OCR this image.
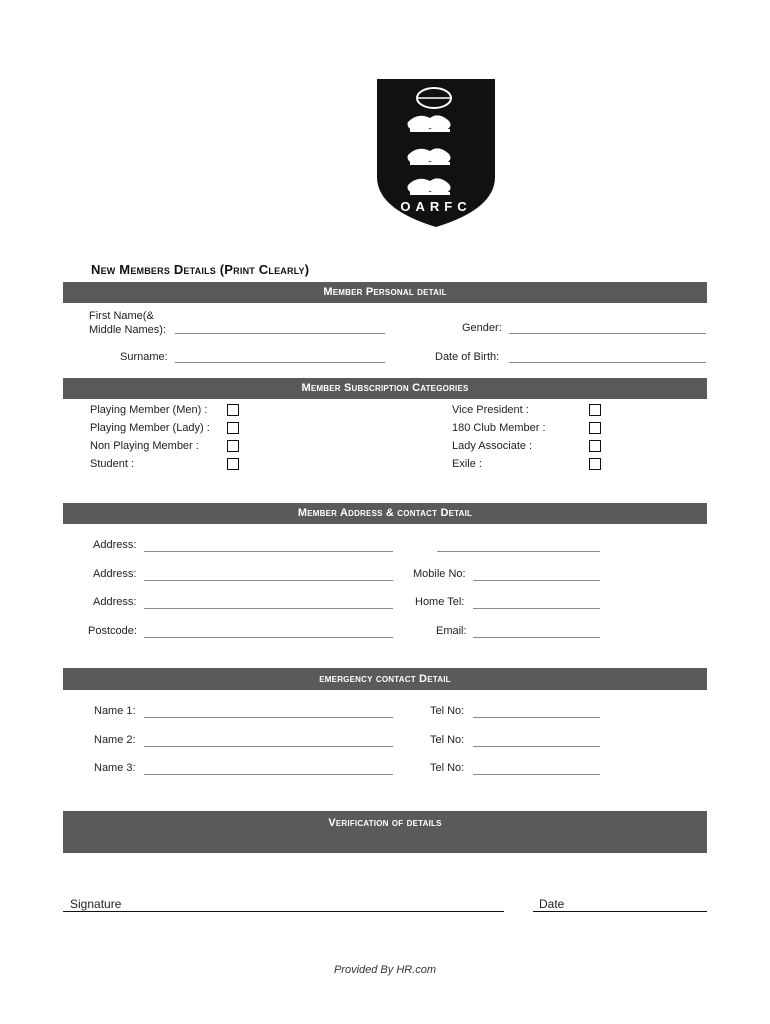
OARFC
New Members Details (Print Clearly)
Member Personal detail
First Name(&
Middle Names):	Gender:
Surname:	Date of Birth:
Member Subscription Categories
Playing Member (Men) :
Playing Member (Lady) :
Non Playing Member :
Student :
Vice President :
180 Club Member :
Lady Associate :
Exile :
Member Address & contact Detail
Address:
Address:	Mobile No:
Address:	Home Tel:
Postcode:	Email:
emergency contact Detail
Name 1:	Tel No:
Name 2:	Tel No:
Name 3:	Tel No:
Verification of details
Signature	Date
Provided By HR.com
